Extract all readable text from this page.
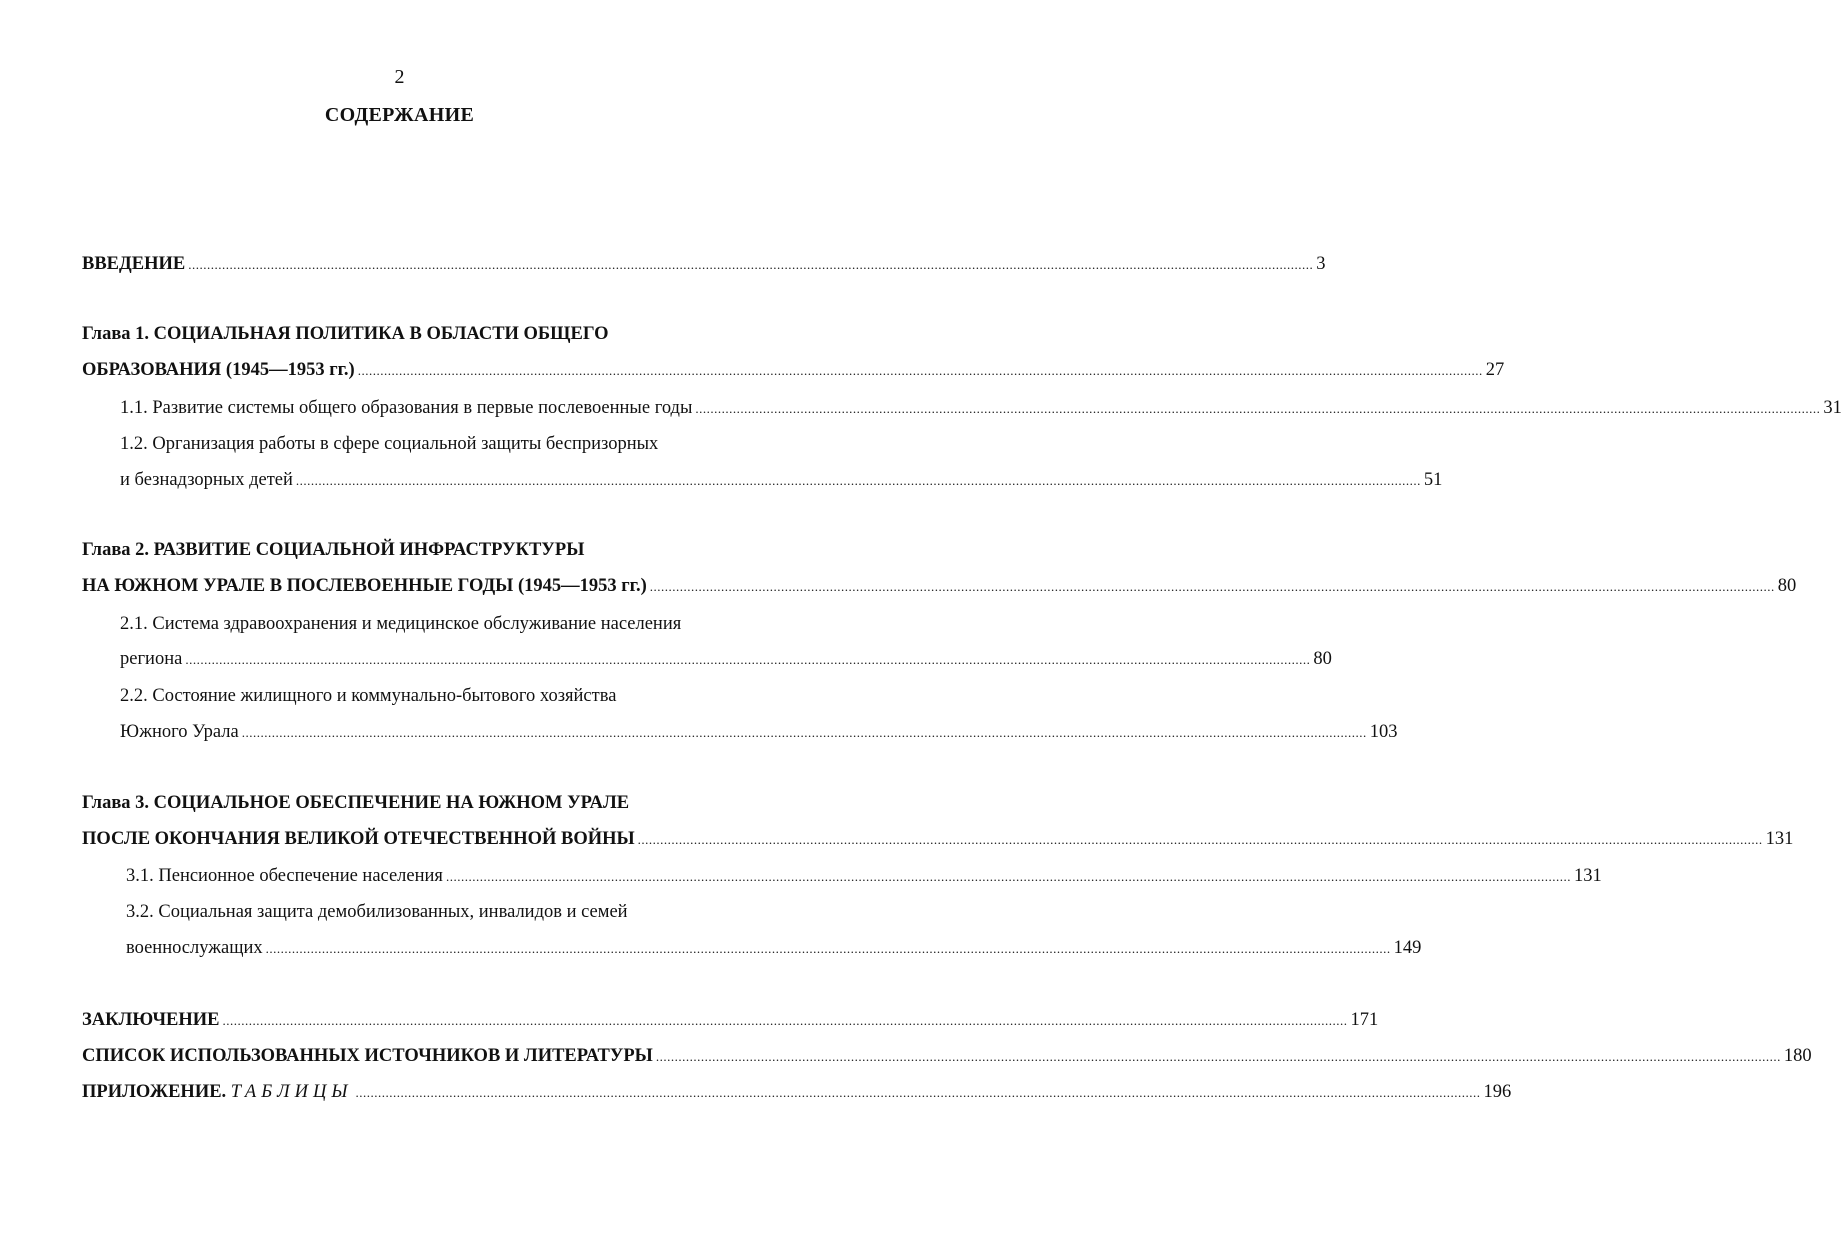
2
СОДЕРЖАНИЕ
ВВЕДЕНИЕ ............................................................................................................................................................................................................................................................................................................ 3
Глава 1. СОЦИАЛЬНАЯ ПОЛИТИКА В ОБЛАСТИ ОБЩЕГО
ОБРАЗОВАНИЯ (1945—1953 гг.) ............................................................................................................................................................................................................................................................................................................ 27
1.1. Развитие системы общего образования в первые послевоенные годы ............................................................................................................................................................................................................................................................................................................ 31
1.2. Организация работы в сфере социальной защиты беспризорных
и безнадзорных детей ............................................................................................................................................................................................................................................................................................................ 51
Глава 2. РАЗВИТИЕ СОЦИАЛЬНОЙ ИНФРАСТРУКТУРЫ
НА ЮЖНОМ УРАЛЕ В ПОСЛЕВОЕННЫЕ ГОДЫ (1945—1953 гг.) ............................................................................................................................................................................................................................................................................................................ 80
2.1. Система здравоохранения и медицинское обслуживание населения
региона ............................................................................................................................................................................................................................................................................................................ 80
2.2. Состояние жилищного и коммунально-бытового хозяйства
Южного Урала ............................................................................................................................................................................................................................................................................................................ 103
Глава 3. СОЦИАЛЬНОЕ ОБЕСПЕЧЕНИЕ НА ЮЖНОМ УРАЛЕ
ПОСЛЕ ОКОНЧАНИЯ ВЕЛИКОЙ ОТЕЧЕСТВЕННОЙ ВОЙНЫ ............................................................................................................................................................................................................................................................................................................ 131
3.1. Пенсионное обеспечение населения ............................................................................................................................................................................................................................................................................................................ 131
3.2. Социальная защита демобилизованных, инвалидов и семей
военнослужащих ............................................................................................................................................................................................................................................................................................................ 149
ЗАКЛЮЧЕНИЕ ............................................................................................................................................................................................................................................................................................................ 171
СПИСОК ИСПОЛЬЗОВАННЫХ ИСТОЧНИКОВ И ЛИТЕРАТУРЫ ............................................................................................................................................................................................................................................................................................................ 180
ПРИЛОЖЕНИЕ. ТАБЛИЦЫ ............................................................................................................................................................................................................................................................................................................ 196
